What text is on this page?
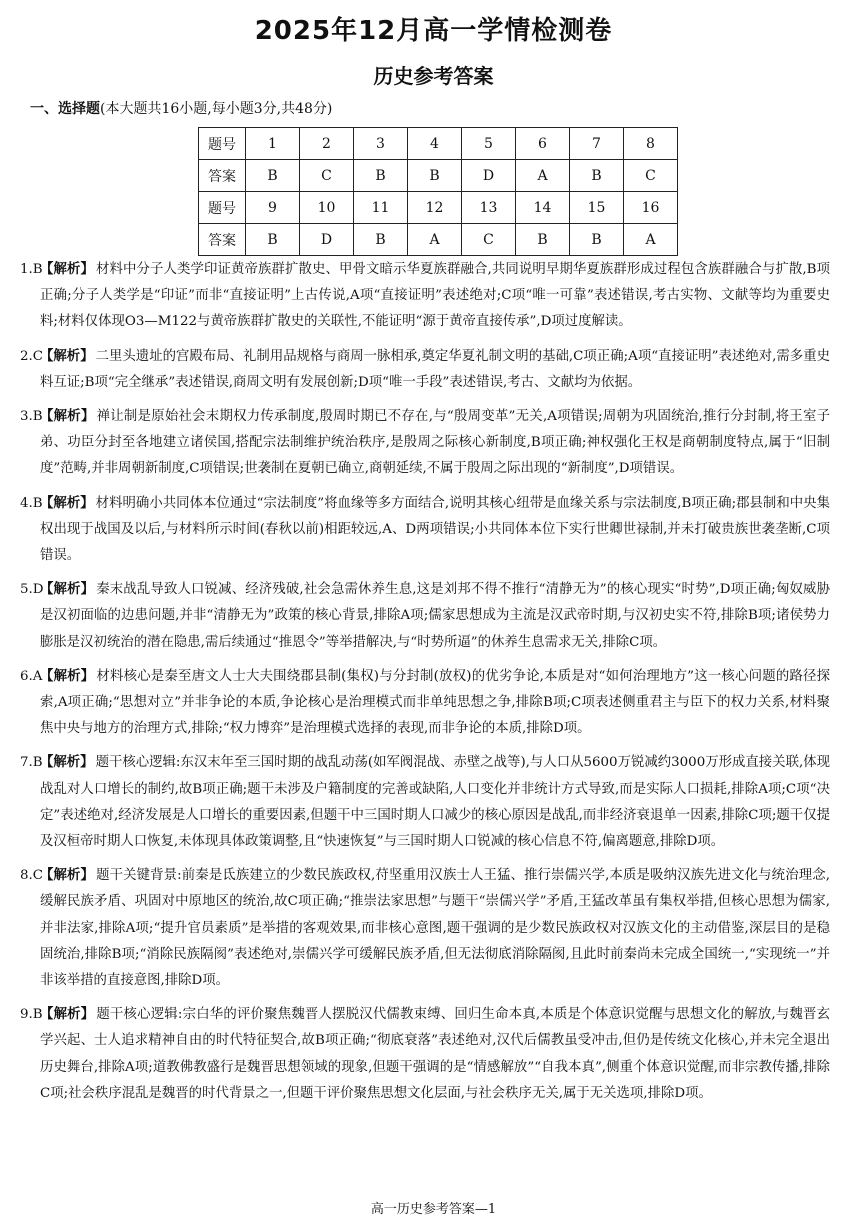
2025年12月高一学情检测卷
历史参考答案
一、选择题(本大题共16小题,每小题3分,共48分)
题号	1	2	3	4	5	6	7	8
答案	B	C	B	B	D	A	B	C
题号	9	10	11	12	13	14	15	16
答案	B	D	B	A	C	B	B	A
1.B
【解析】 材料中分子人类学印证黄帝族群扩散史、甲骨文暗示华夏族群融合,共同说明早期华夏族群形成过程包含族群融合与扩散,B项正确;分子人类学是“印证”而非“直接证明”上古传说,A项“直接证明”表述绝对;C项“唯一可靠”表述错误,考古实物、文献等均为重要史料;材料仅体现O3—M122与黄帝族群扩散史的关联性,不能证明“源于黄帝直接传承”,D项过度解读。
2.C
【解析】 二里头遗址的宫殿布局、礼制用品规格与商周一脉相承,奠定华夏礼制文明的基础,C项正确;A项“直接证明”表述绝对,需多重史料互证;B项“完全继承”表述错误,商周文明有发展创新;D项“唯一手段”表述错误,考古、文献均为依据。
3.B
【解析】 禅让制是原始社会末期权力传承制度,殷周时期已不存在,与“殷周变革”无关,A项错误;周朝为巩固统治,推行分封制,将王室子弟、功臣分封至各地建立诸侯国,搭配宗法制维护统治秩序,是殷周之际核心新制度,B项正确;神权强化王权是商朝制度特点,属于“旧制度”范畴,并非周朝新制度,C项错误;世袭制在夏朝已确立,商朝延续,不属于殷周之际出现的“新制度”,D项错误。
4.B
【解析】 材料明确小共同体本位通过“宗法制度”将血缘等多方面结合,说明其核心纽带是血缘关系与宗法制度,B项正确;郡县制和中央集权出现于战国及以后,与材料所示时间(春秋以前)相距较远,A、D两项错误;小共同体本位下实行世卿世禄制,并未打破贵族世袭垄断,C项错误。
5.D
【解析】 秦末战乱导致人口锐减、经济残破,社会急需休养生息,这是刘邦不得不推行“清静无为”的核心现实“时势”,D项正确;匈奴威胁是汉初面临的边患问题,并非“清静无为”政策的核心背景,排除A项;儒家思想成为主流是汉武帝时期,与汉初史实不符,排除B项;诸侯势力膨胀是汉初统治的潜在隐患,需后续通过“推恩令”等举措解决,与“时势所逼”的休养生息需求无关,排除C项。
6.A
【解析】 材料核心是秦至唐文人士大夫围绕郡县制(集权)与分封制(放权)的优劣争论,本质是对“如何治理地方”这一核心问题的路径探索,A项正确;“思想对立”并非争论的本质,争论核心是治理模式而非单纯思想之争,排除B项;C项表述侧重君主与臣下的权力关系,材料聚焦中央与地方的治理方式,排除;“权力博弈”是治理模式选择的表现,而非争论的本质,排除D项。
7.B
【解析】 题干核心逻辑:东汉末年至三国时期的战乱动荡(如军阀混战、赤壁之战等),与人口从5600万锐减约3000万形成直接关联,体现战乱对人口增长的制约,故B项正确;题干未涉及户籍制度的完善或缺陷,人口变化并非统计方式导致,而是实际人口损耗,排除A项;C项“决定”表述绝对,经济发展是人口增长的重要因素,但题干中三国时期人口减少的核心原因是战乱,而非经济衰退单一因素,排除C项;题干仅提及汉桓帝时期人口恢复,未体现具体政策调整,且“快速恢复”与三国时期人口锐减的核心信息不符,偏离题意,排除D项。
8.C
【解析】 题干关键背景:前秦是氐族建立的少数民族政权,苻坚重用汉族士人王猛、推行崇儒兴学,本质是吸纳汉族先进文化与统治理念,缓解民族矛盾、巩固对中原地区的统治,故C项正确;“推崇法家思想”与题干“崇儒兴学”矛盾,王猛改革虽有集权举措,但核心思想为儒家,并非法家,排除A项;“提升官员素质”是举措的客观效果,而非核心意图,题干强调的是少数民族政权对汉族文化的主动借鉴,深层目的是稳固统治,排除B项;“消除民族隔阂”表述绝对,崇儒兴学可缓解民族矛盾,但无法彻底消除隔阂,且此时前秦尚未完成全国统一,“实现统一”并非该举措的直接意图,排除D项。
9.B
【解析】 题干核心逻辑:宗白华的评价聚焦魏晋人摆脱汉代儒教束缚、回归生命本真,本质是个体意识觉醒与思想文化的解放,与魏晋玄学兴起、士人追求精神自由的时代特征契合,故B项正确;“彻底衰落”表述绝对,汉代后儒教虽受冲击,但仍是传统文化核心,并未完全退出历史舞台,排除A项;道教佛教盛行是魏晋思想领域的现象,但题干强调的是“情感解放”“自我本真”,侧重个体意识觉醒,而非宗教传播,排除C项;社会秩序混乱是魏晋的时代背景之一,但题干评价聚焦思想文化层面,与社会秩序无关,属于无关选项,排除D项。
高一历史参考答案—1
